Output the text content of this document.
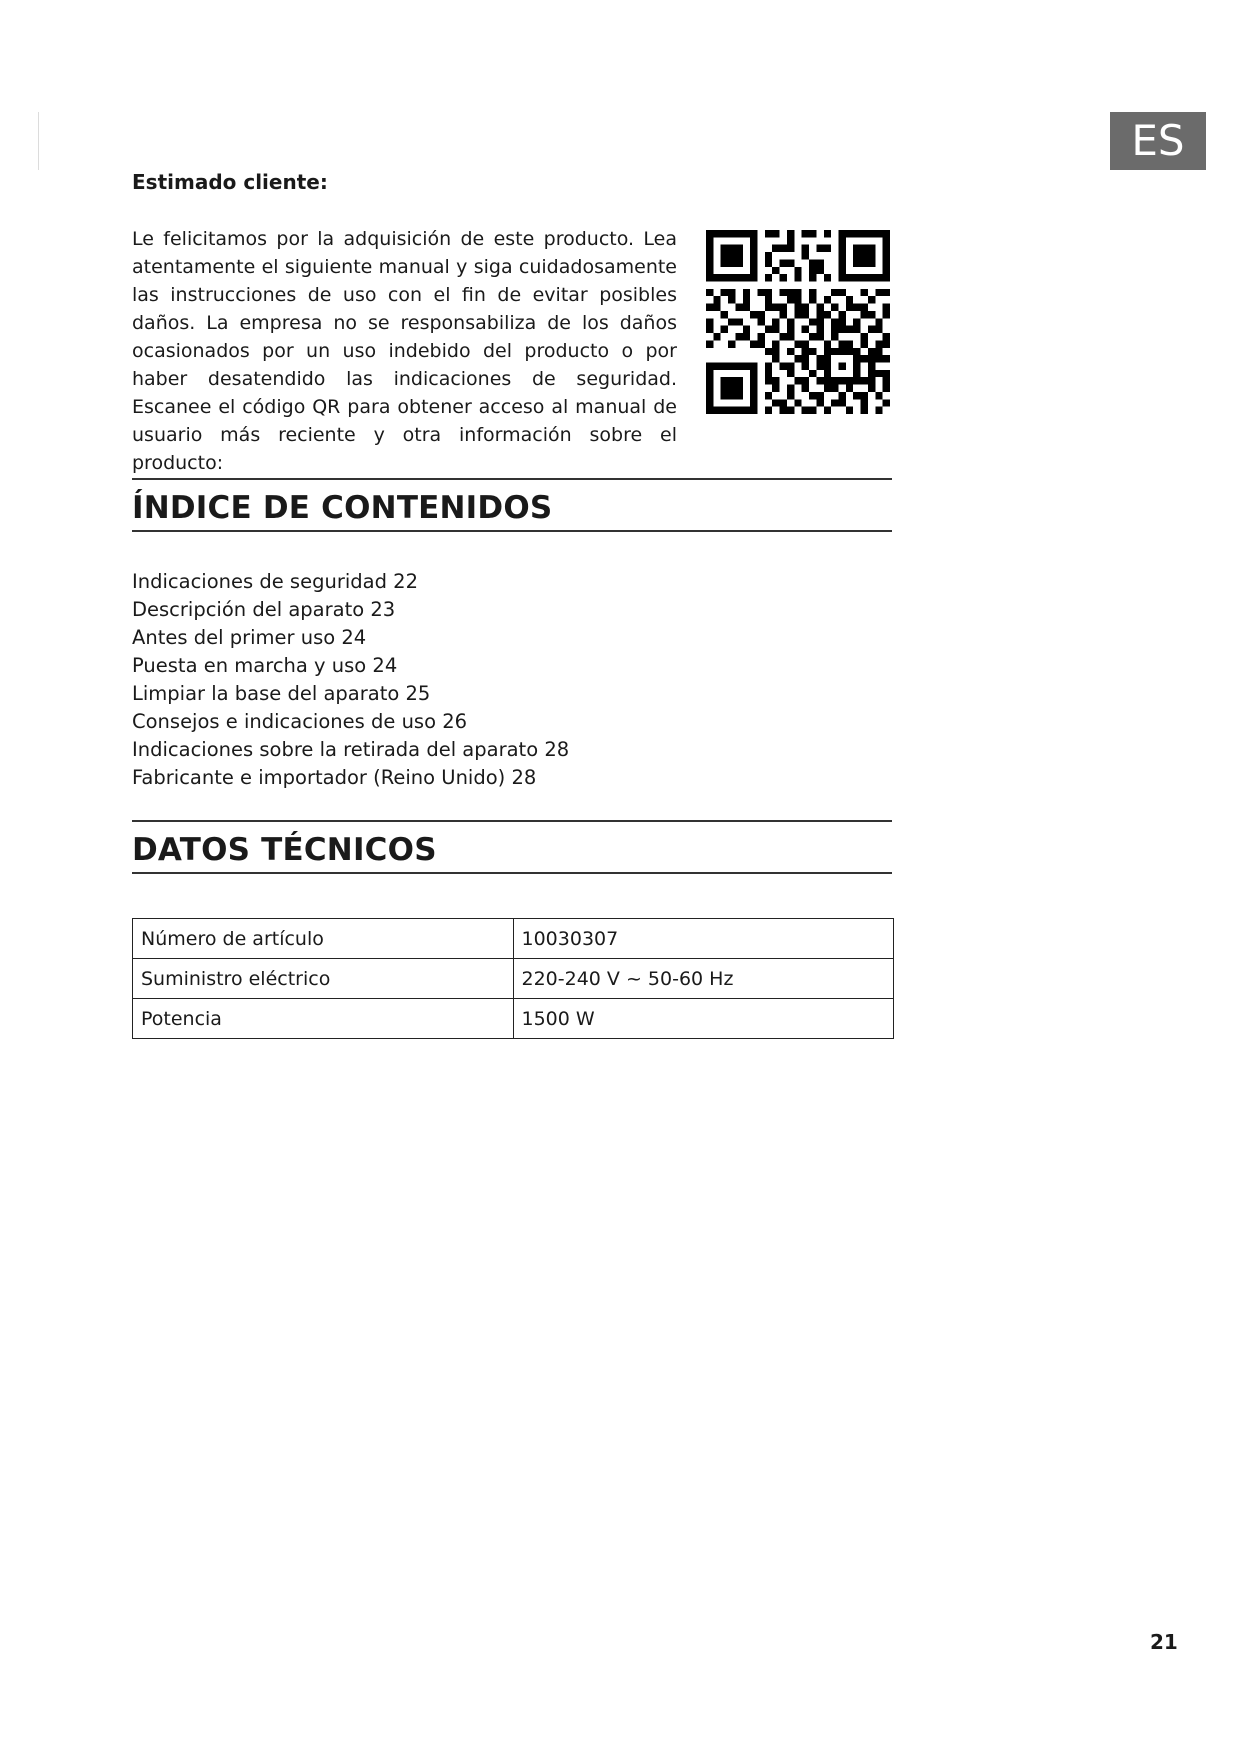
ES
Estimado cliente:

Le felicitamos por la adquisición de este producto. Lea atentamente el siguiente manual y siga cuidadosamente las instrucciones de uso con el fin de evitar posibles daños. La empresa no se responsabiliza de los daños ocasionados por un uso indebido del producto o por haber desatendido las indicaciones de seguridad. Escanee el código QR para obtener acceso al manual de usuario más reciente y otra información sobre el producto:

ÍNDICE DE CONTENIDOS
Indicaciones de seguridad 22
Descripción del aparato 23
Antes del primer uso 24
Puesta en marcha y uso 24
Limpiar la base del aparato 25
Consejos e indicaciones de uso 26
Indicaciones sobre la retirada del aparato 28
Fabricante e importador (Reino Unido) 28
DATOS TÉCNICOS
Número de artículo	10030307
Suministro eléctrico	220-240 V ~ 50-60 Hz
Potencia	1500 W
21
